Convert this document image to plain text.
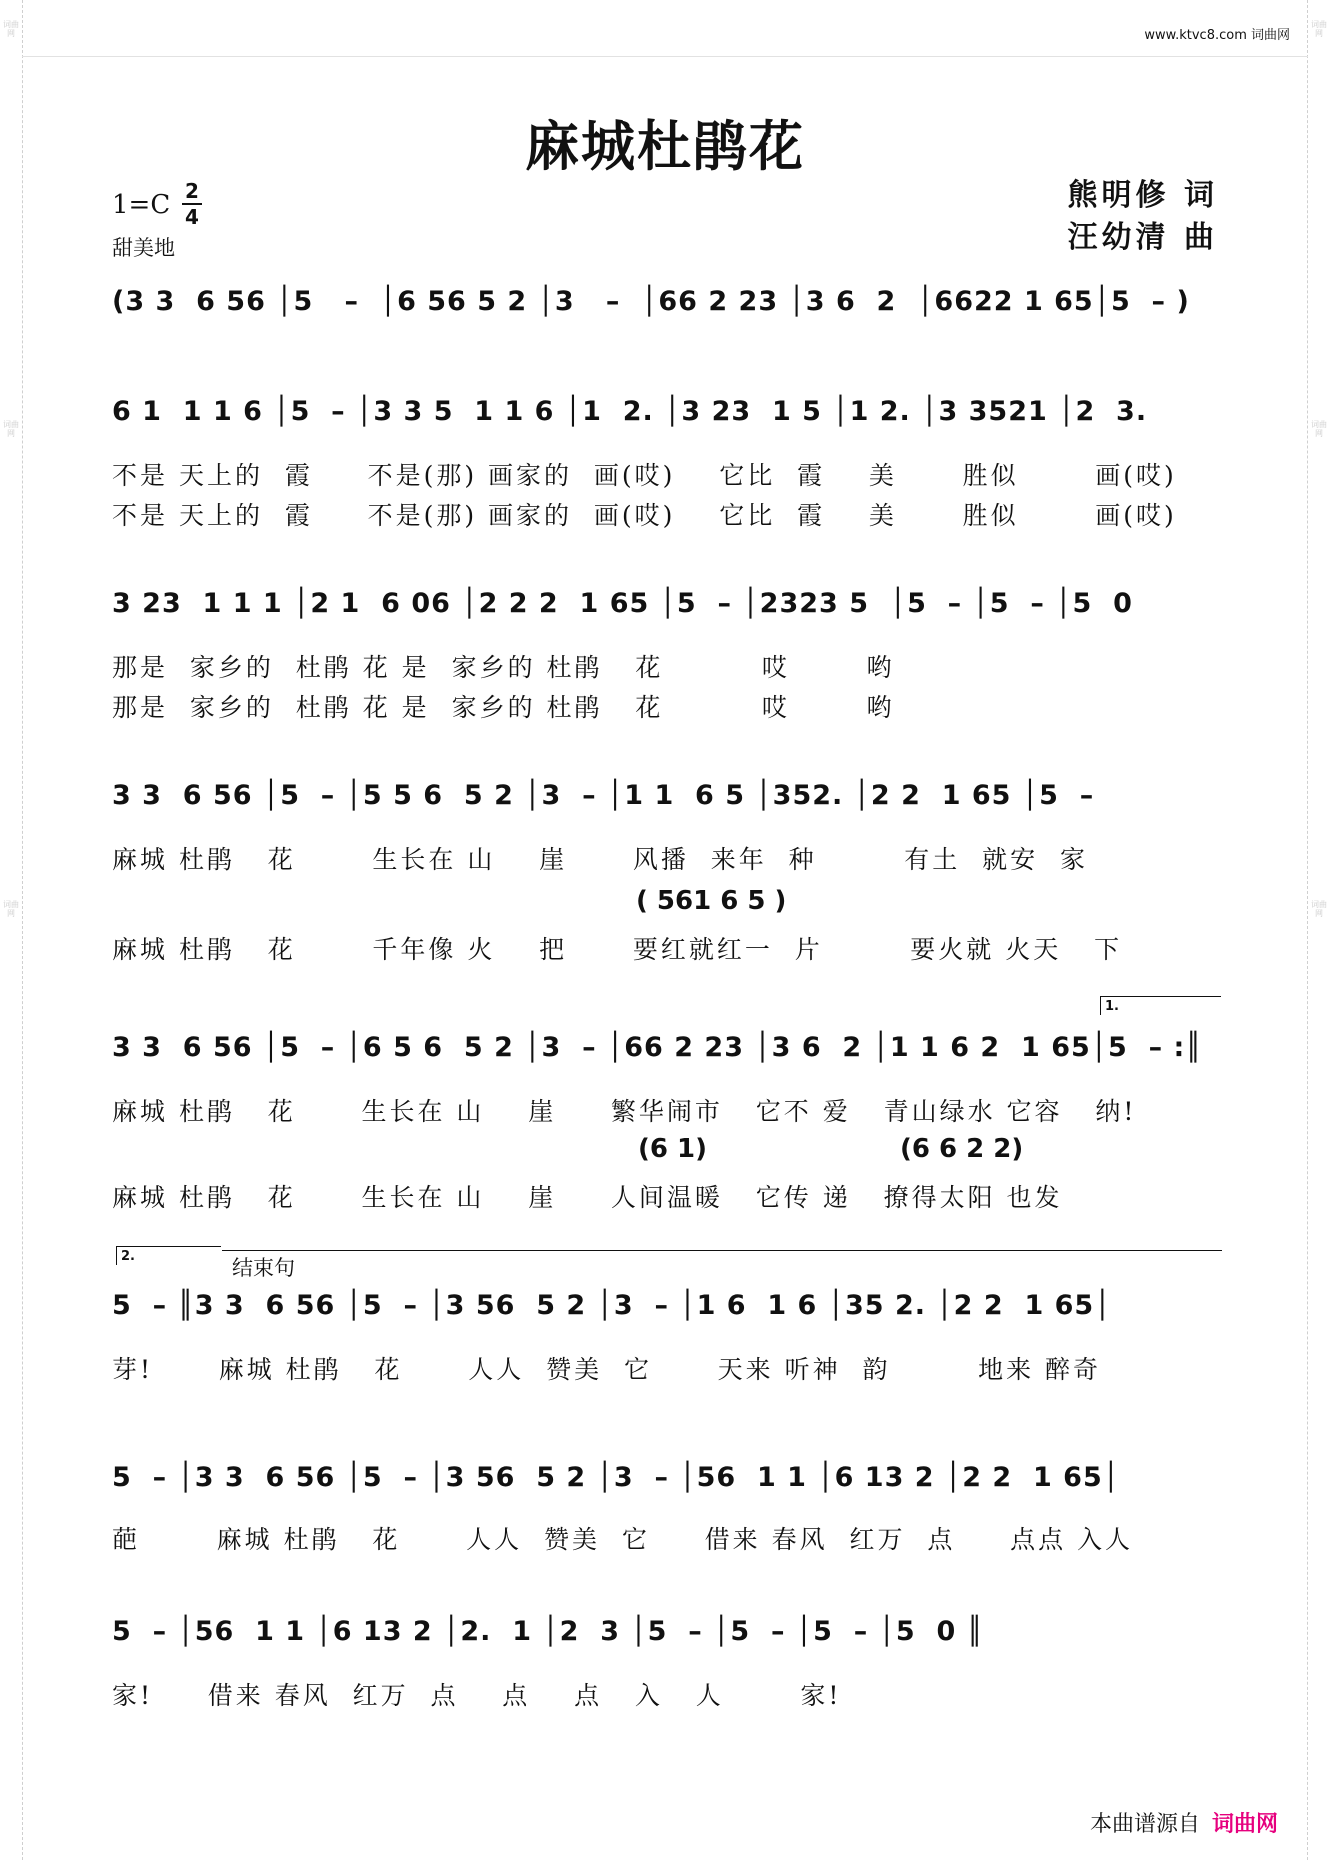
词曲网
词曲网
词曲网
词曲网
词曲网
词曲网
www.ktvc8.com 词曲网
麻城杜鹃花
1=C 2
4
甜美地
熊明修 词
汪幼清 曲
(3 3  6 56 │5   –  │6 56 5 2 │3   –  │66 2 23 │3 6  2  │6622 1 65│5  – )
6 1  1 1 6 │5  – │3 3 5  1 1 6 │1  2. │3 23  1 5 │1 2. │3 3521 │2  3.
不是 天上的  霞     不是(那) 画家的  画(哎)    它比  霞    美      胜似       画(哎)
不是 天上的  霞     不是(那) 画家的  画(哎)    它比  霞    美      胜似       画(哎)
3 23  1 1 1 │2 1  6 06 │2 2 2  1 65 │5  – │2323 5  │5  – │5  – │5  0
那是  家乡的  杜鹃 花 是  家乡的 杜鹃   花         哎       哟
那是  家乡的  杜鹃 花 是  家乡的 杜鹃   花         哎       哟
3 3  6 56 │5  – │5 5 6  5 2 │3  – │1 1  6 5 │352. │2 2  1 65 │5  –
麻城 杜鹃   花       生长在 山    崖      风播  来年  种        有土  就安  家
( 561 6 5 )
麻城 杜鹃   花       千年像 火    把      要红就红一  片        要火就 火天   下
1.
3 3  6 56 │5  – │6 5 6  5 2 │3  – │66 2 23 │3 6  2 │1 1 6 2  1 65│5  – :║
麻城 杜鹃   花      生长在 山    崖     繁华闹市   它不 爱   青山绿水 它容   纳!
(6 1)	(6 6 2 2)
麻城 杜鹃   花      生长在 山    崖     人间温暖   它传 递   撩得太阳 也发
2.	结束句
5  – ║3 3  6 56 │5  – │3 56  5 2 │3  – │1 6  1 6 │35 2. │2 2  1 65│
芽!      麻城 杜鹃   花      人人  赞美  它      天来 听神  韵        地来 醉奇
5  – │3 3  6 56 │5  – │3 56  5 2 │3  – │56  1 1 │6 13 2 │2 2  1 65│
葩       麻城 杜鹃   花      人人  赞美  它     借来 春风  红万  点     点点 入人
5  – │56  1 1 │6 13 2 │2.  1 │2  3 │5  – │5  – │5  – │5  0 ║
家!     借来 春风  红万  点    点    点   入   人       家!
本曲谱源自 词曲网
